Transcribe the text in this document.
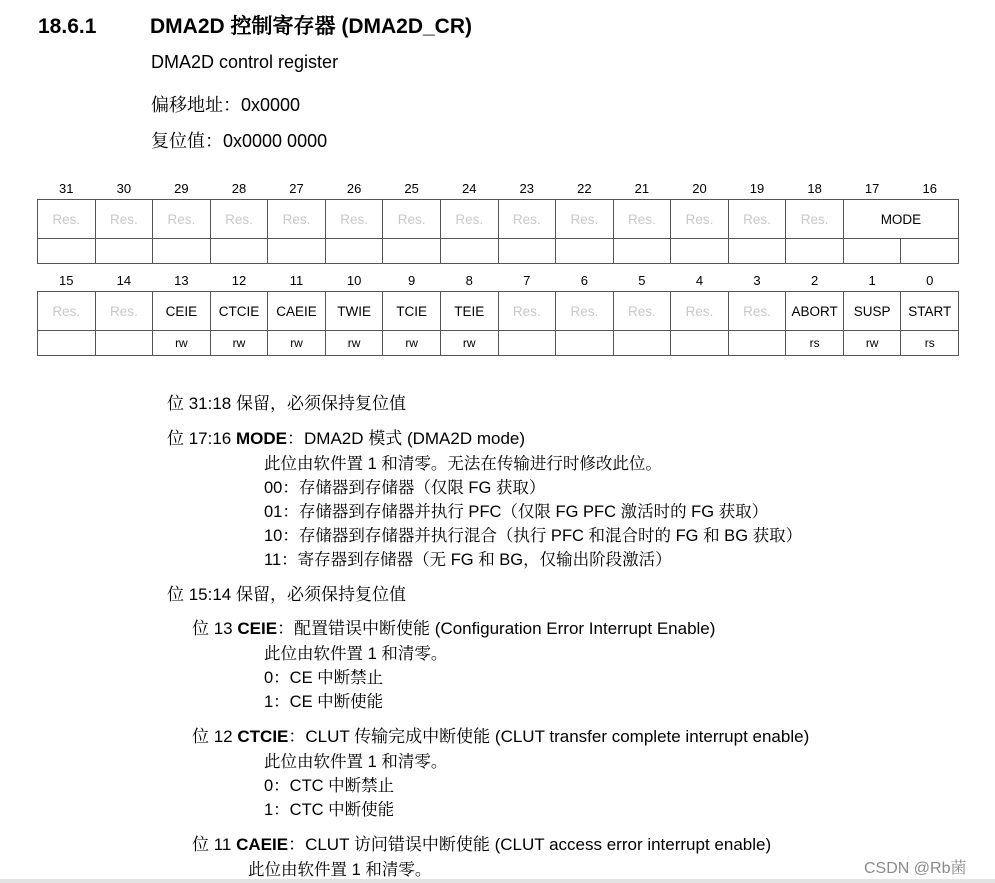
18.6.1	DMA2D 控制寄存器 (DMA2D_CR)
DMA2D control register
偏移地址：0x0000
复位值：0x0000 0000
31	30	29	28	27	26	25	24	23	22	21	20	19	18	17	16
Res.	Res.	Res.	Res.	Res.	Res.	Res.	Res.	Res.	Res.	Res.	Res.	Res.	Res.	MODE	

15	14	13	12	11	10	9	8	7	6	5	4	3	2	1	0
Res.	Res.	CEIE	CTCIE	CAEIE	TWIE	TCIE	TEIE	Res.	Res.	Res.	Res.	Res.	ABORT	SUSP	START
		rw	rw	rw	rw	rw	rw						rs	rw	rs
位 31:18 保留，必须保持复位值
位 17:16 MODE：DMA2D 模式 (DMA2D mode)
此位由软件置 1 和清零。无法在传输进行时修改此位。
00：存储器到存储器（仅限 FG 获取）
01：存储器到存储器并执行 PFC（仅限 FG PFC 激活时的 FG 获取）
10：存储器到存储器并执行混合（执行 PFC 和混合时的 FG 和 BG 获取）
11：寄存器到存储器（无 FG 和 BG，仅输出阶段激活）
位 15:14 保留，必须保持复位值
位 13 CEIE：配置错误中断使能 (Configuration Error Interrupt Enable)
此位由软件置 1 和清零。
0：CE 中断禁止
1：CE 中断使能
位 12 CTCIE：CLUT 传输完成中断使能 (CLUT transfer complete interrupt enable)
此位由软件置 1 和清零。
0：CTC 中断禁止
1：CTC 中断使能
位 11 CAEIE：CLUT 访问错误中断使能 (CLUT access error interrupt enable)
此位由软件置 1 和清零。	CSDN @Rb菌
